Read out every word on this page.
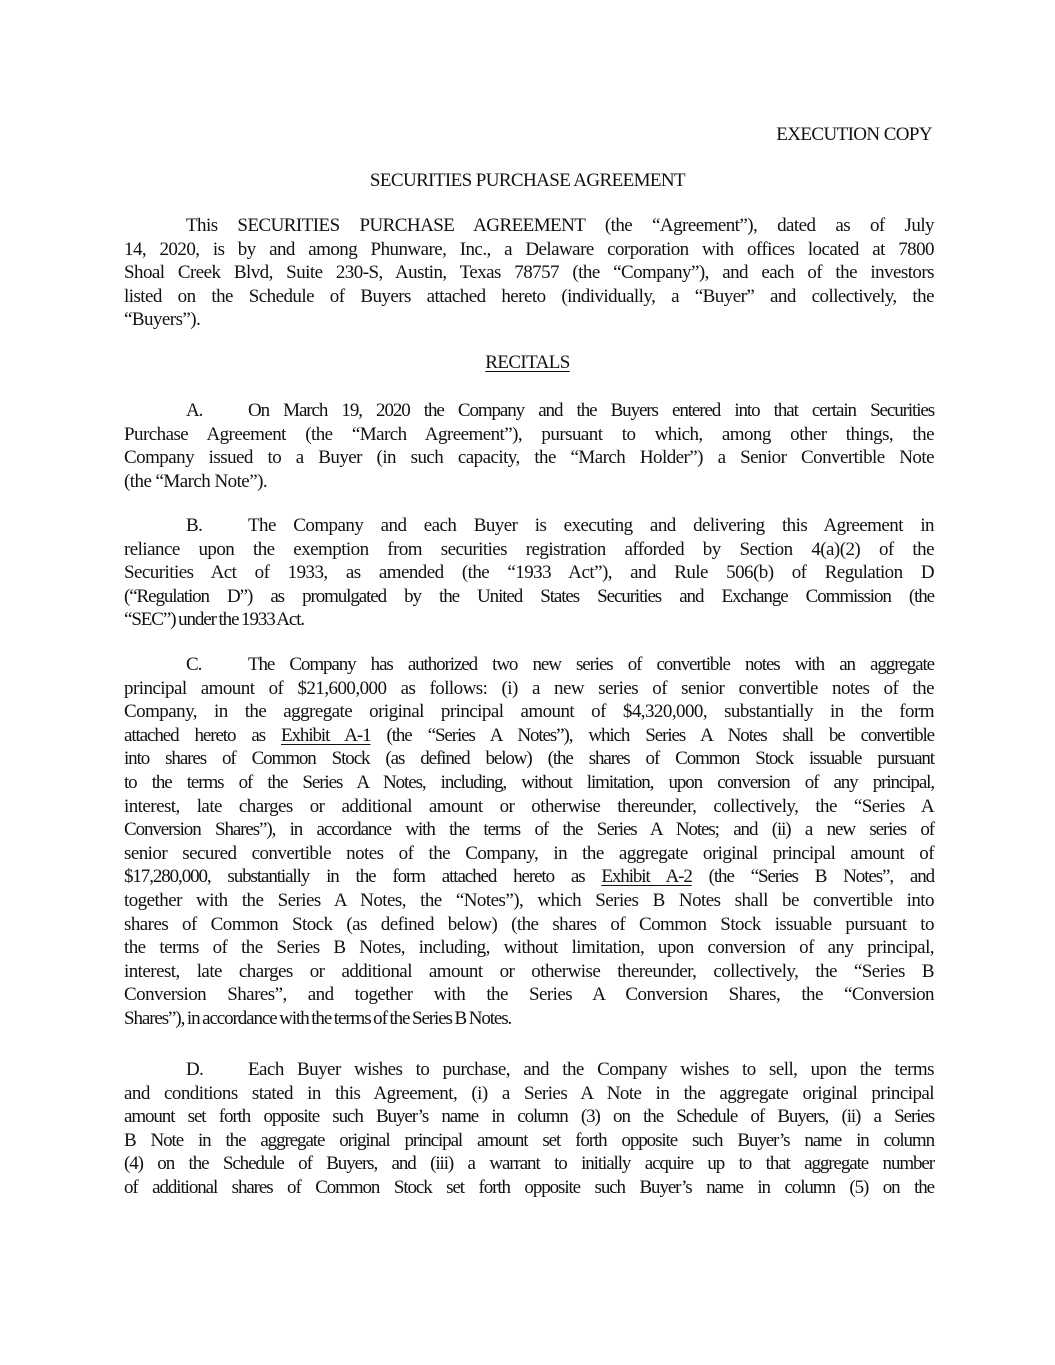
EXECUTION COPY
SECURITIES PURCHASE AGREEMENT
This SECURITIES PURCHASE AGREEMENT (the “Agreement”), dated as of July
14, 2020, is by and among Phunware, Inc., a Delaware corporation with offices located at 7800
Shoal Creek Blvd, Suite 230-S, Austin, Texas 78757 (the “Company”), and each of the investors
listed on the Schedule of Buyers attached hereto (individually, a “Buyer” and collectively, the
“Buyers”).
RECITALS
A. On March 19, 2020 the Company and the Buyers entered into that certain Securities
Purchase Agreement (the “March Agreement”), pursuant to which, among other things, the
Company issued to a Buyer (in such capacity, the “March Holder”) a Senior Convertible Note
(the “March Note”).
B. The Company and each Buyer is executing and delivering this Agreement in
reliance upon the exemption from securities registration afforded by Section 4(a)(2) of the
Securities Act of 1933, as amended (the “1933 Act”), and Rule 506(b) of Regulation D
(“Regulation D”) as promulgated by the United States Securities and Exchange Commission (the
“SEC”) under the 1933 Act.
C. The Company has authorized two new series of convertible notes with an aggregate
principal amount of $21,600,000 as follows: (i) a new series of senior convertible notes of the
Company, in the aggregate original principal amount of $4,320,000, substantially in the form
attached hereto as Exhibit A-1 (the “Series A Notes”), which Series A Notes shall be convertible
into shares of Common Stock (as defined below) (the shares of Common Stock issuable pursuant
to the terms of the Series A Notes, including, without limitation, upon conversion of any principal,
interest, late charges or additional amount or otherwise thereunder, collectively, the “Series A
Conversion Shares”), in accordance with the terms of the Series A Notes; and (ii) a new series of
senior secured convertible notes of the Company, in the aggregate original principal amount of
$17,280,000, substantially in the form attached hereto as Exhibit A-2 (the “Series B Notes”, and
together with the Series A Notes, the “Notes”), which Series B Notes shall be convertible into
shares of Common Stock (as defined below) (the shares of Common Stock issuable pursuant to
the terms of the Series B Notes, including, without limitation, upon conversion of any principal,
interest, late charges or additional amount or otherwise thereunder, collectively, the “Series B
Conversion Shares”, and together with the Series A Conversion Shares, the “Conversion
Shares”), in accordance with the terms of the Series B Notes.
D. Each Buyer wishes to purchase, and the Company wishes to sell, upon the terms
and conditions stated in this Agreement, (i) a Series A Note in the aggregate original principal
amount set forth opposite such Buyer’s name in column (3) on the Schedule of Buyers, (ii) a Series
B Note in the aggregate original principal amount set forth opposite such Buyer’s name in column
(4) on the Schedule of Buyers, and (iii) a warrant to initially acquire up to that aggregate number
of additional shares of Common Stock set forth opposite such Buyer’s name in column (5) on the
